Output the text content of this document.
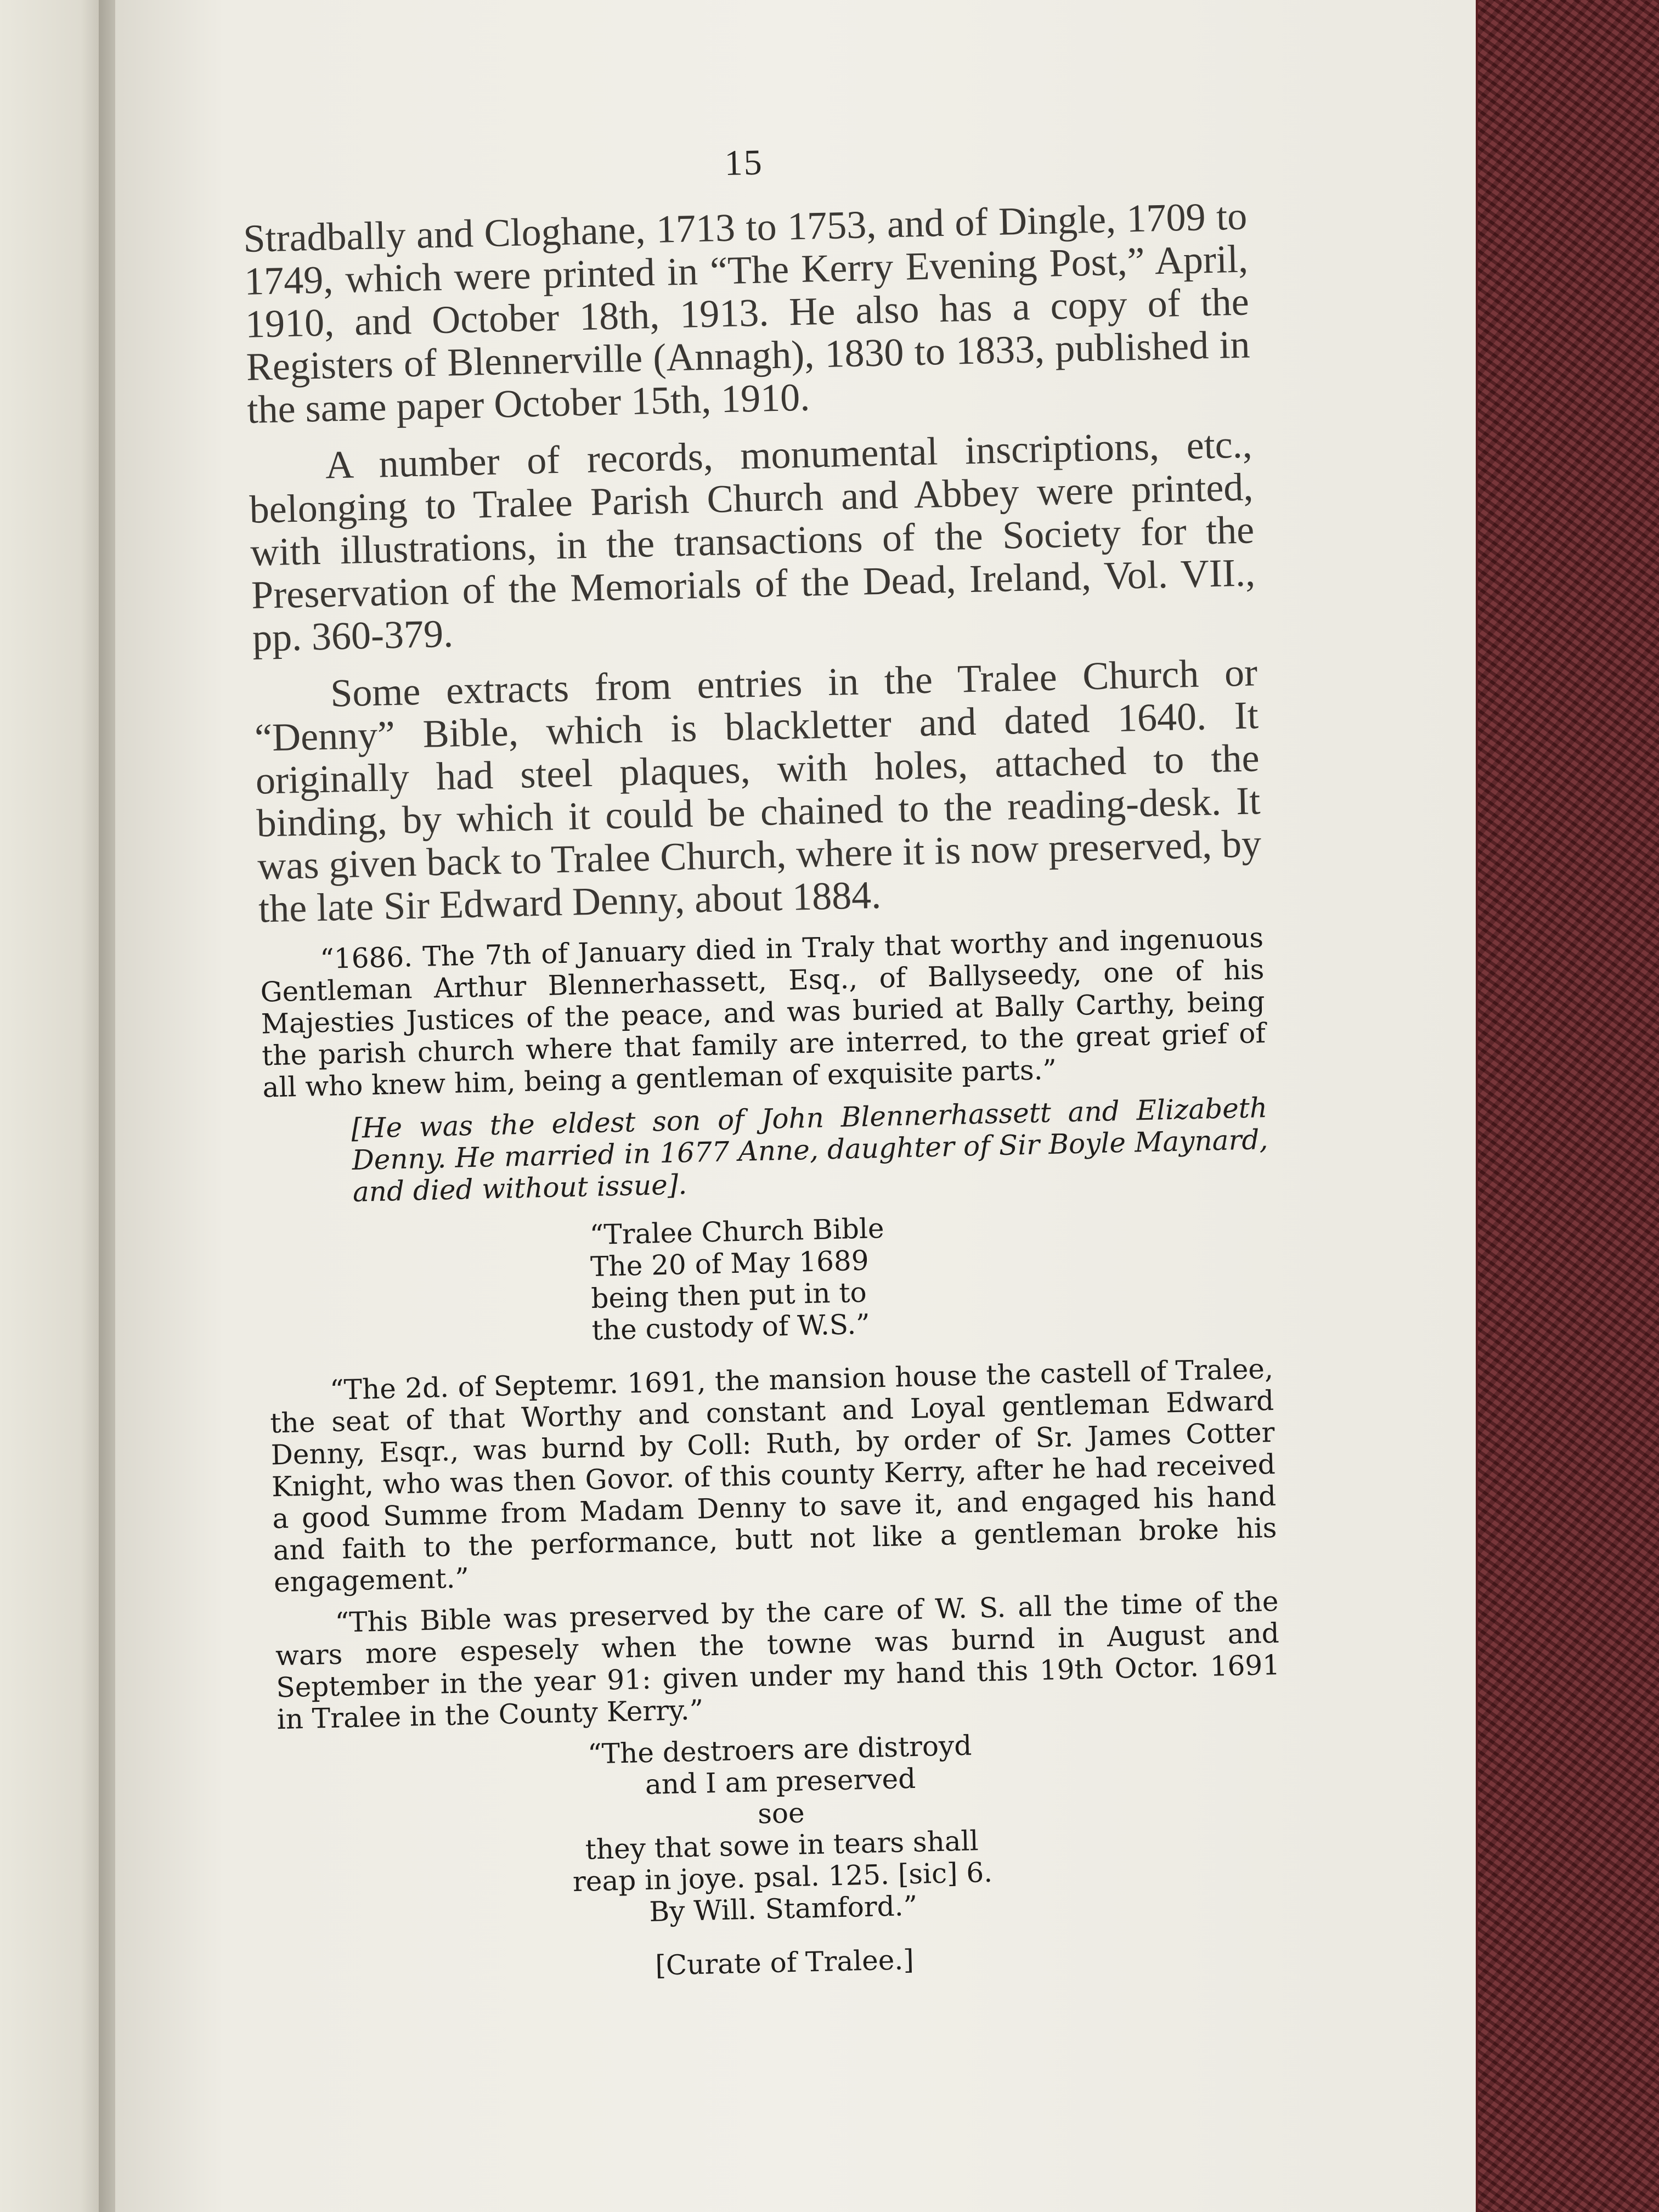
15

Stradbally and Cloghane, 1713 to 1753, and of Dingle, 1709 to 1749, which were printed in “The Kerry Evening Post,” April, 1910, and October 18th, 1913. He also has a copy of the Registers of Blennerville (Annagh), 1830 to 1833, published in the same paper October 15th, 1910.

A number of records, monumental inscriptions, etc., belonging to Tralee Parish Church and Abbey were printed, with illustrations, in the transactions of the Society for the Preservation of the Memorials of the Dead, Ireland, Vol. VII., pp. 360-379.

Some extracts from entries in the Tralee Church or “Denny” Bible, which is blackletter and dated 1640. It originally had steel plaques, with holes, attached to the binding, by which it could be chained to the reading-desk. It was given back to Tralee Church, where it is now preserved, by the late Sir Edward Denny, about 1884.

“1686. The 7th of January died in Traly that worthy and ingenuous Gentleman Arthur Blennerhassett, Esq., of Ballyseedy, one of his Majesties Justices of the peace, and was buried at Bally Carthy, being the parish church where that family are interred, to the great grief of all who knew him, being a gentleman of exquisite parts.”

[He was the eldest son of John Blennerhassett and Elizabeth Denny. He married in 1677 Anne, daughter of Sir Boyle Maynard, and died without issue].

“Tralee Church Bible
The 20 of May 1689
being then put in to
the custody of W.S.”

“The 2d. of Septemr. 1691, the mansion house the castell of Tralee, the seat of that Worthy and constant and Loyal gentleman Edward Denny, Esqr., was burnd by Coll: Ruth, by order of Sr. James Cotter Knight, who was then Govor. of this county Kerry, after he had received a good Summe from Madam Denny to save it, and engaged his hand and faith to the performance, butt not like a gentleman broke his engagement.”

“This Bible was preserved by the care of W. S. all the time of the wars more espesely when the towne was burnd in August and September in the year 91: given under my hand this 19th Octor. 1691 in Tralee in the County Kerry.”

“The destroers are distroyd
and I am preserved
soe
they that sowe in tears shall
reap in joye. psal. 125. [sic] 6.
By Will. Stamford.”
[Curate of Tralee.]
